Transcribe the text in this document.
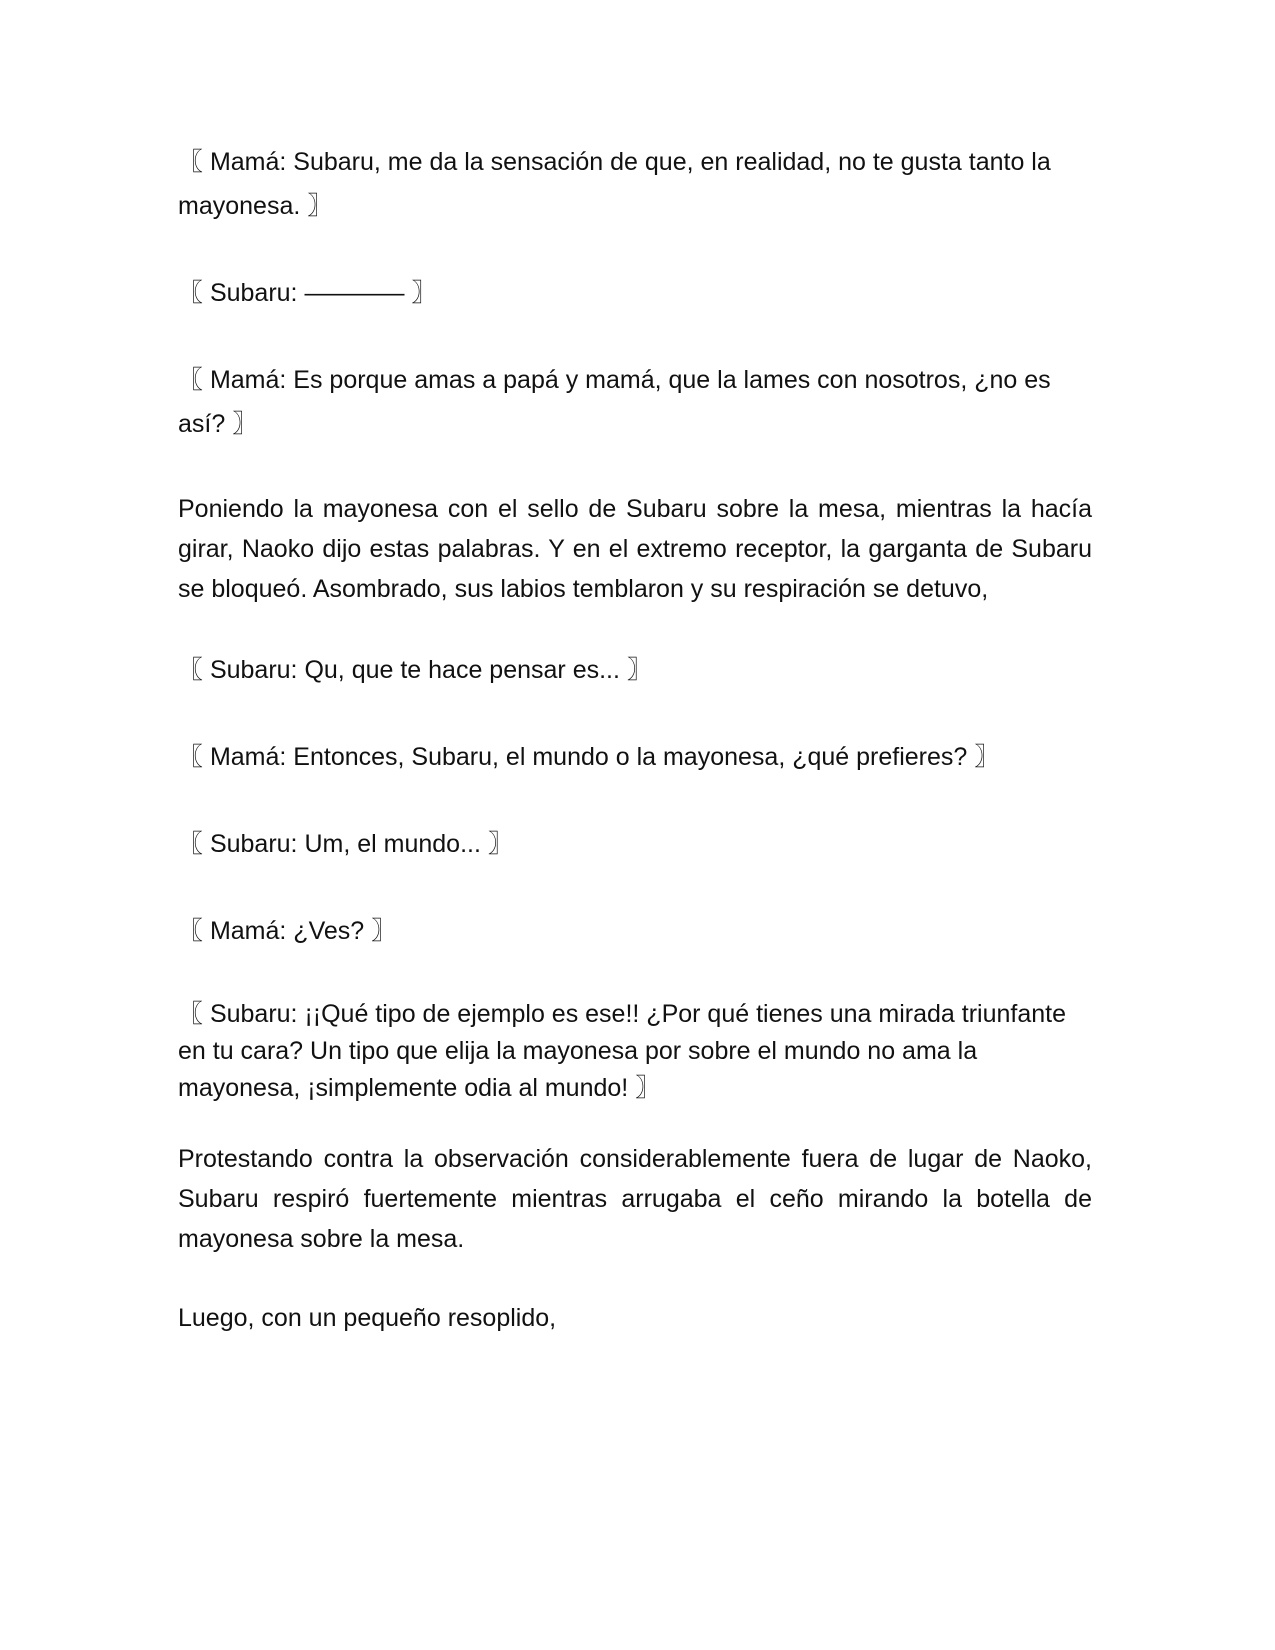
〖 Mamá: Subaru, me da la sensación de que, en realidad, no te gusta tanto la mayonesa. 〗

〖 Subaru: ———— 〗

〖 Mamá: Es porque amas a papá y mamá, que la lames con nosotros, ¿no es así? 〗

Poniendo la mayonesa con el sello de Subaru sobre la mesa, mientras la hacía girar, Naoko dijo estas palabras. Y en el extremo receptor, la garganta de Subaru se bloqueó. Asombrado, sus labios temblaron y su respiración se detuvo,

〖 Subaru: Qu, que te hace pensar es... 〗

〖 Mamá: Entonces, Subaru, el mundo o la mayonesa, ¿qué prefieres? 〗

〖 Subaru: Um, el mundo... 〗

〖 Mamá: ¿Ves? 〗

〖 Subaru: ¡¡Qué tipo de ejemplo es ese!! ¿Por qué tienes una mirada triunfante en tu cara? Un tipo que elija la mayonesa por sobre el mundo no ama la mayonesa, ¡simplemente odia al mundo! 〗

Protestando contra la observación considerablemente fuera de lugar de Naoko, Subaru respiró fuertemente mientras arrugaba el ceño mirando la botella de mayonesa sobre la mesa.

Luego, con un pequeño resoplido,
